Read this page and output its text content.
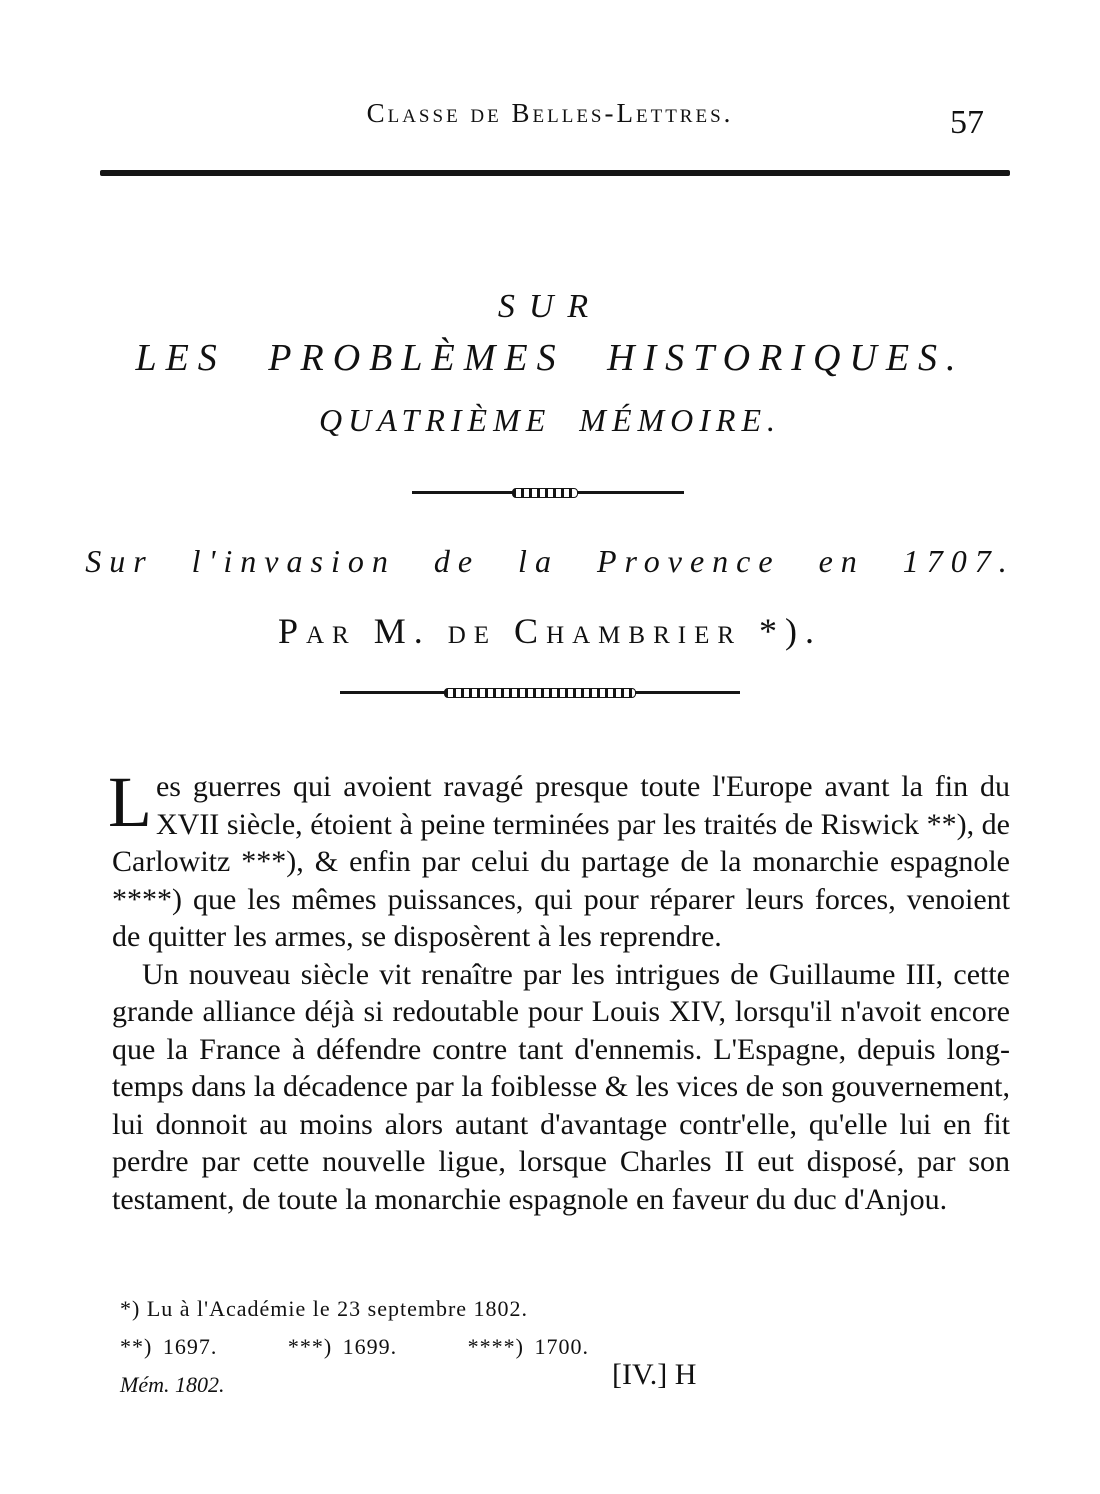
Classe de Belles-Lettres.	57
SUR
LES PROBLÈMES HISTORIQUES.
QUATRIÈME MÉMOIRE.
Sur l'invasion de la Provence en 1707.
Par M. de Chambrier *).

Les guerres qui avoient ravagé presque toute l'Europe avant la fin du XVII siècle, étoient à peine terminées par les traités de Riswick **), de Carlowitz ***), & enfin par celui du partage de la monarchie espagnole ****) que les mêmes puissances, qui pour réparer leurs forces, venoient de quitter les armes, se disposèrent à les reprendre.

Un nouveau siècle vit renaître par les intrigues de Guillaume III, cette grande alliance déjà si redoutable pour Louis XIV, lorsqu'il n'avoit encore que la France à défendre contre tant d'ennemis. L'Espagne, depuis long-temps dans la décadence par la foiblesse & les vices de son gouvernement, lui donnoit au moins alors autant d'avantage contr'elle, qu'elle lui en fit perdre par cette nouvelle ligue, lorsque Charles II eut disposé, par son testament, de toute la monarchie espagnole en faveur du duc d'Anjou.

*) Lu à l'Académie le 23 septembre 1802.
**) 1697.	***) 1699.	****) 1700.
Mém. 1802.	[IV.] H
